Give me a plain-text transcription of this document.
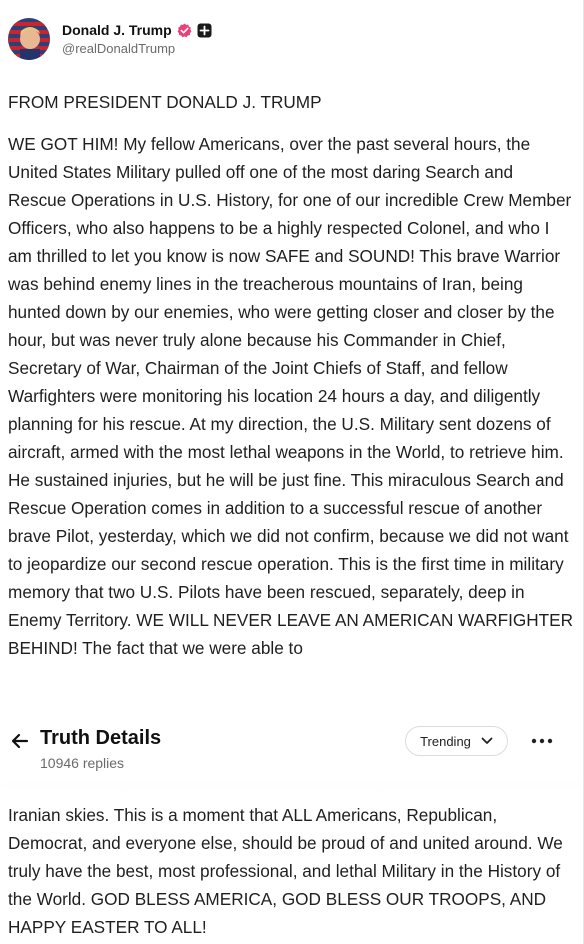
Donald J. Trump
@realDonaldTrump

FROM PRESIDENT DONALD J. TRUMP

WE GOT HIM! My fellow Americans, over the past several hours, the United States Military pulled off one of the most daring Search and Rescue Operations in U.S. History, for one of our incredible Crew Member Officers, who also happens to be a highly respected Colonel, and who I am thrilled to let you know is now SAFE and SOUND! This brave Warrior was behind enemy lines in the treacherous mountains of Iran, being hunted down by our enemies, who were getting closer and closer by the hour, but was never truly alone because his Commander in Chief, Secretary of War, Chairman of the Joint Chiefs of Staff, and fellow Warfighters were monitoring his location 24 hours a day, and diligently planning for his rescue. At my direction, the U.S. Military sent dozens of aircraft, armed with the most lethal weapons in the World, to retrieve him. He sustained injuries, but he will be just fine. This miraculous Search and Rescue Operation comes in addition to a successful rescue of another brave Pilot, yesterday, which we did not confirm, because we did not want to jeopardize our second rescue operation. This is the first time in military memory that two U.S. Pilots have been rescued, separately, deep in Enemy Territory. WE WILL NEVER LEAVE AN AMERICAN WARFIGHTER BEHIND! The fact that we were able to

Iranian skies. This is a moment that ALL Americans, Republican, Democrat, and everyone else, should be proud of and united around. We truly have the best, most professional, and lethal Military in the History of the World. GOD BLESS AMERICA, GOD BLESS OUR TROOPS, AND HAPPY EASTER TO ALL!

Truth Details
10946 replies
Trending
